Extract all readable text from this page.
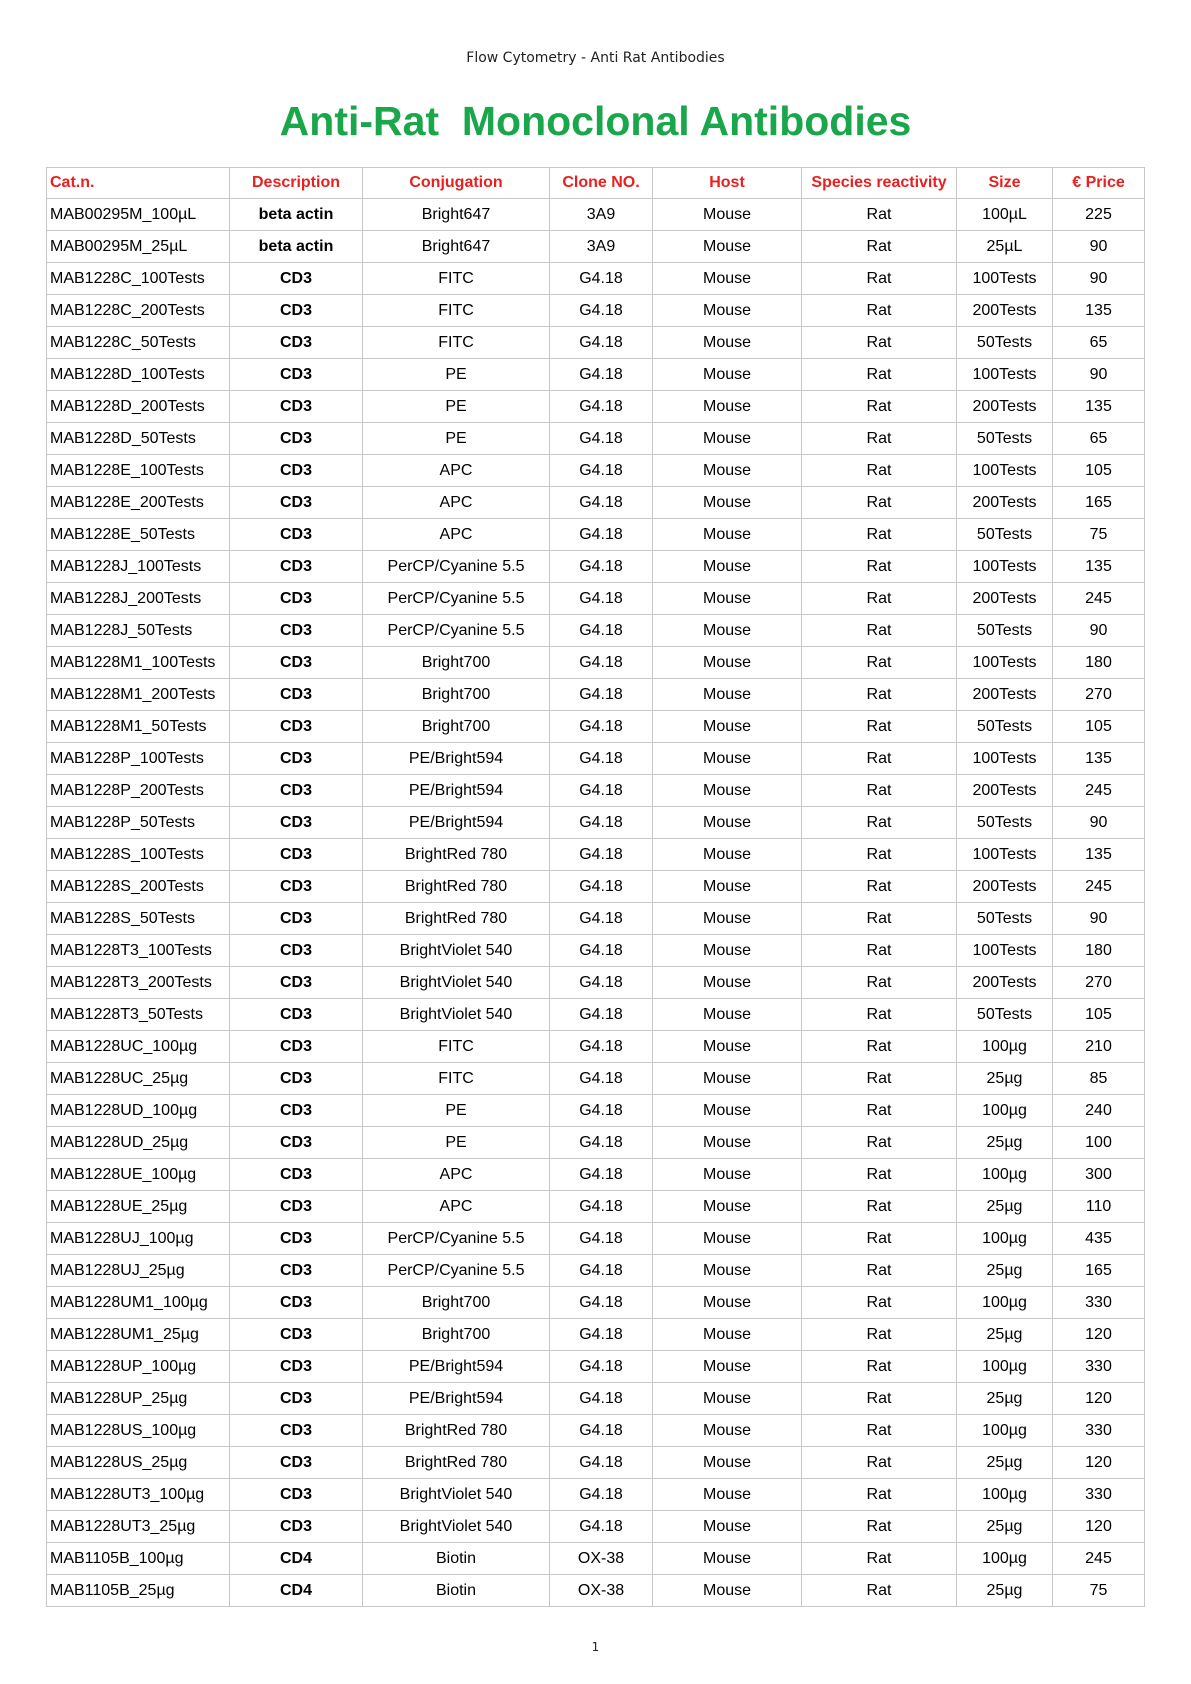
Flow Cytometry - Anti Rat Antibodies
Anti-Rat  Monoclonal Antibodies
Cat.n.	Description	Conjugation	Clone NO.	Host	Species reactivity	Size	€ Price
MAB00295M_100µL	beta actin	Bright647	3A9	Mouse	Rat	100µL	225
MAB00295M_25µL	beta actin	Bright647	3A9	Mouse	Rat	25µL	90
MAB1228C_100Tests	CD3	FITC	G4.18	Mouse	Rat	100Tests	90
MAB1228C_200Tests	CD3	FITC	G4.18	Mouse	Rat	200Tests	135
MAB1228C_50Tests	CD3	FITC	G4.18	Mouse	Rat	50Tests	65
MAB1228D_100Tests	CD3	PE	G4.18	Mouse	Rat	100Tests	90
MAB1228D_200Tests	CD3	PE	G4.18	Mouse	Rat	200Tests	135
MAB1228D_50Tests	CD3	PE	G4.18	Mouse	Rat	50Tests	65
MAB1228E_100Tests	CD3	APC	G4.18	Mouse	Rat	100Tests	105
MAB1228E_200Tests	CD3	APC	G4.18	Mouse	Rat	200Tests	165
MAB1228E_50Tests	CD3	APC	G4.18	Mouse	Rat	50Tests	75
MAB1228J_100Tests	CD3	PerCP/Cyanine 5.5	G4.18	Mouse	Rat	100Tests	135
MAB1228J_200Tests	CD3	PerCP/Cyanine 5.5	G4.18	Mouse	Rat	200Tests	245
MAB1228J_50Tests	CD3	PerCP/Cyanine 5.5	G4.18	Mouse	Rat	50Tests	90
MAB1228M1_100Tests	CD3	Bright700	G4.18	Mouse	Rat	100Tests	180
MAB1228M1_200Tests	CD3	Bright700	G4.18	Mouse	Rat	200Tests	270
MAB1228M1_50Tests	CD3	Bright700	G4.18	Mouse	Rat	50Tests	105
MAB1228P_100Tests	CD3	PE/Bright594	G4.18	Mouse	Rat	100Tests	135
MAB1228P_200Tests	CD3	PE/Bright594	G4.18	Mouse	Rat	200Tests	245
MAB1228P_50Tests	CD3	PE/Bright594	G4.18	Mouse	Rat	50Tests	90
MAB1228S_100Tests	CD3	BrightRed 780	G4.18	Mouse	Rat	100Tests	135
MAB1228S_200Tests	CD3	BrightRed 780	G4.18	Mouse	Rat	200Tests	245
MAB1228S_50Tests	CD3	BrightRed 780	G4.18	Mouse	Rat	50Tests	90
MAB1228T3_100Tests	CD3	BrightViolet 540	G4.18	Mouse	Rat	100Tests	180
MAB1228T3_200Tests	CD3	BrightViolet 540	G4.18	Mouse	Rat	200Tests	270
MAB1228T3_50Tests	CD3	BrightViolet 540	G4.18	Mouse	Rat	50Tests	105
MAB1228UC_100µg	CD3	FITC	G4.18	Mouse	Rat	100µg	210
MAB1228UC_25µg	CD3	FITC	G4.18	Mouse	Rat	25µg	85
MAB1228UD_100µg	CD3	PE	G4.18	Mouse	Rat	100µg	240
MAB1228UD_25µg	CD3	PE	G4.18	Mouse	Rat	25µg	100
MAB1228UE_100µg	CD3	APC	G4.18	Mouse	Rat	100µg	300
MAB1228UE_25µg	CD3	APC	G4.18	Mouse	Rat	25µg	110
MAB1228UJ_100µg	CD3	PerCP/Cyanine 5.5	G4.18	Mouse	Rat	100µg	435
MAB1228UJ_25µg	CD3	PerCP/Cyanine 5.5	G4.18	Mouse	Rat	25µg	165
MAB1228UM1_100µg	CD3	Bright700	G4.18	Mouse	Rat	100µg	330
MAB1228UM1_25µg	CD3	Bright700	G4.18	Mouse	Rat	25µg	120
MAB1228UP_100µg	CD3	PE/Bright594	G4.18	Mouse	Rat	100µg	330
MAB1228UP_25µg	CD3	PE/Bright594	G4.18	Mouse	Rat	25µg	120
MAB1228US_100µg	CD3	BrightRed 780	G4.18	Mouse	Rat	100µg	330
MAB1228US_25µg	CD3	BrightRed 780	G4.18	Mouse	Rat	25µg	120
MAB1228UT3_100µg	CD3	BrightViolet 540	G4.18	Mouse	Rat	100µg	330
MAB1228UT3_25µg	CD3	BrightViolet 540	G4.18	Mouse	Rat	25µg	120
MAB1105B_100µg	CD4	Biotin	OX-38	Mouse	Rat	100µg	245
MAB1105B_25µg	CD4	Biotin	OX-38	Mouse	Rat	25µg	75
1
